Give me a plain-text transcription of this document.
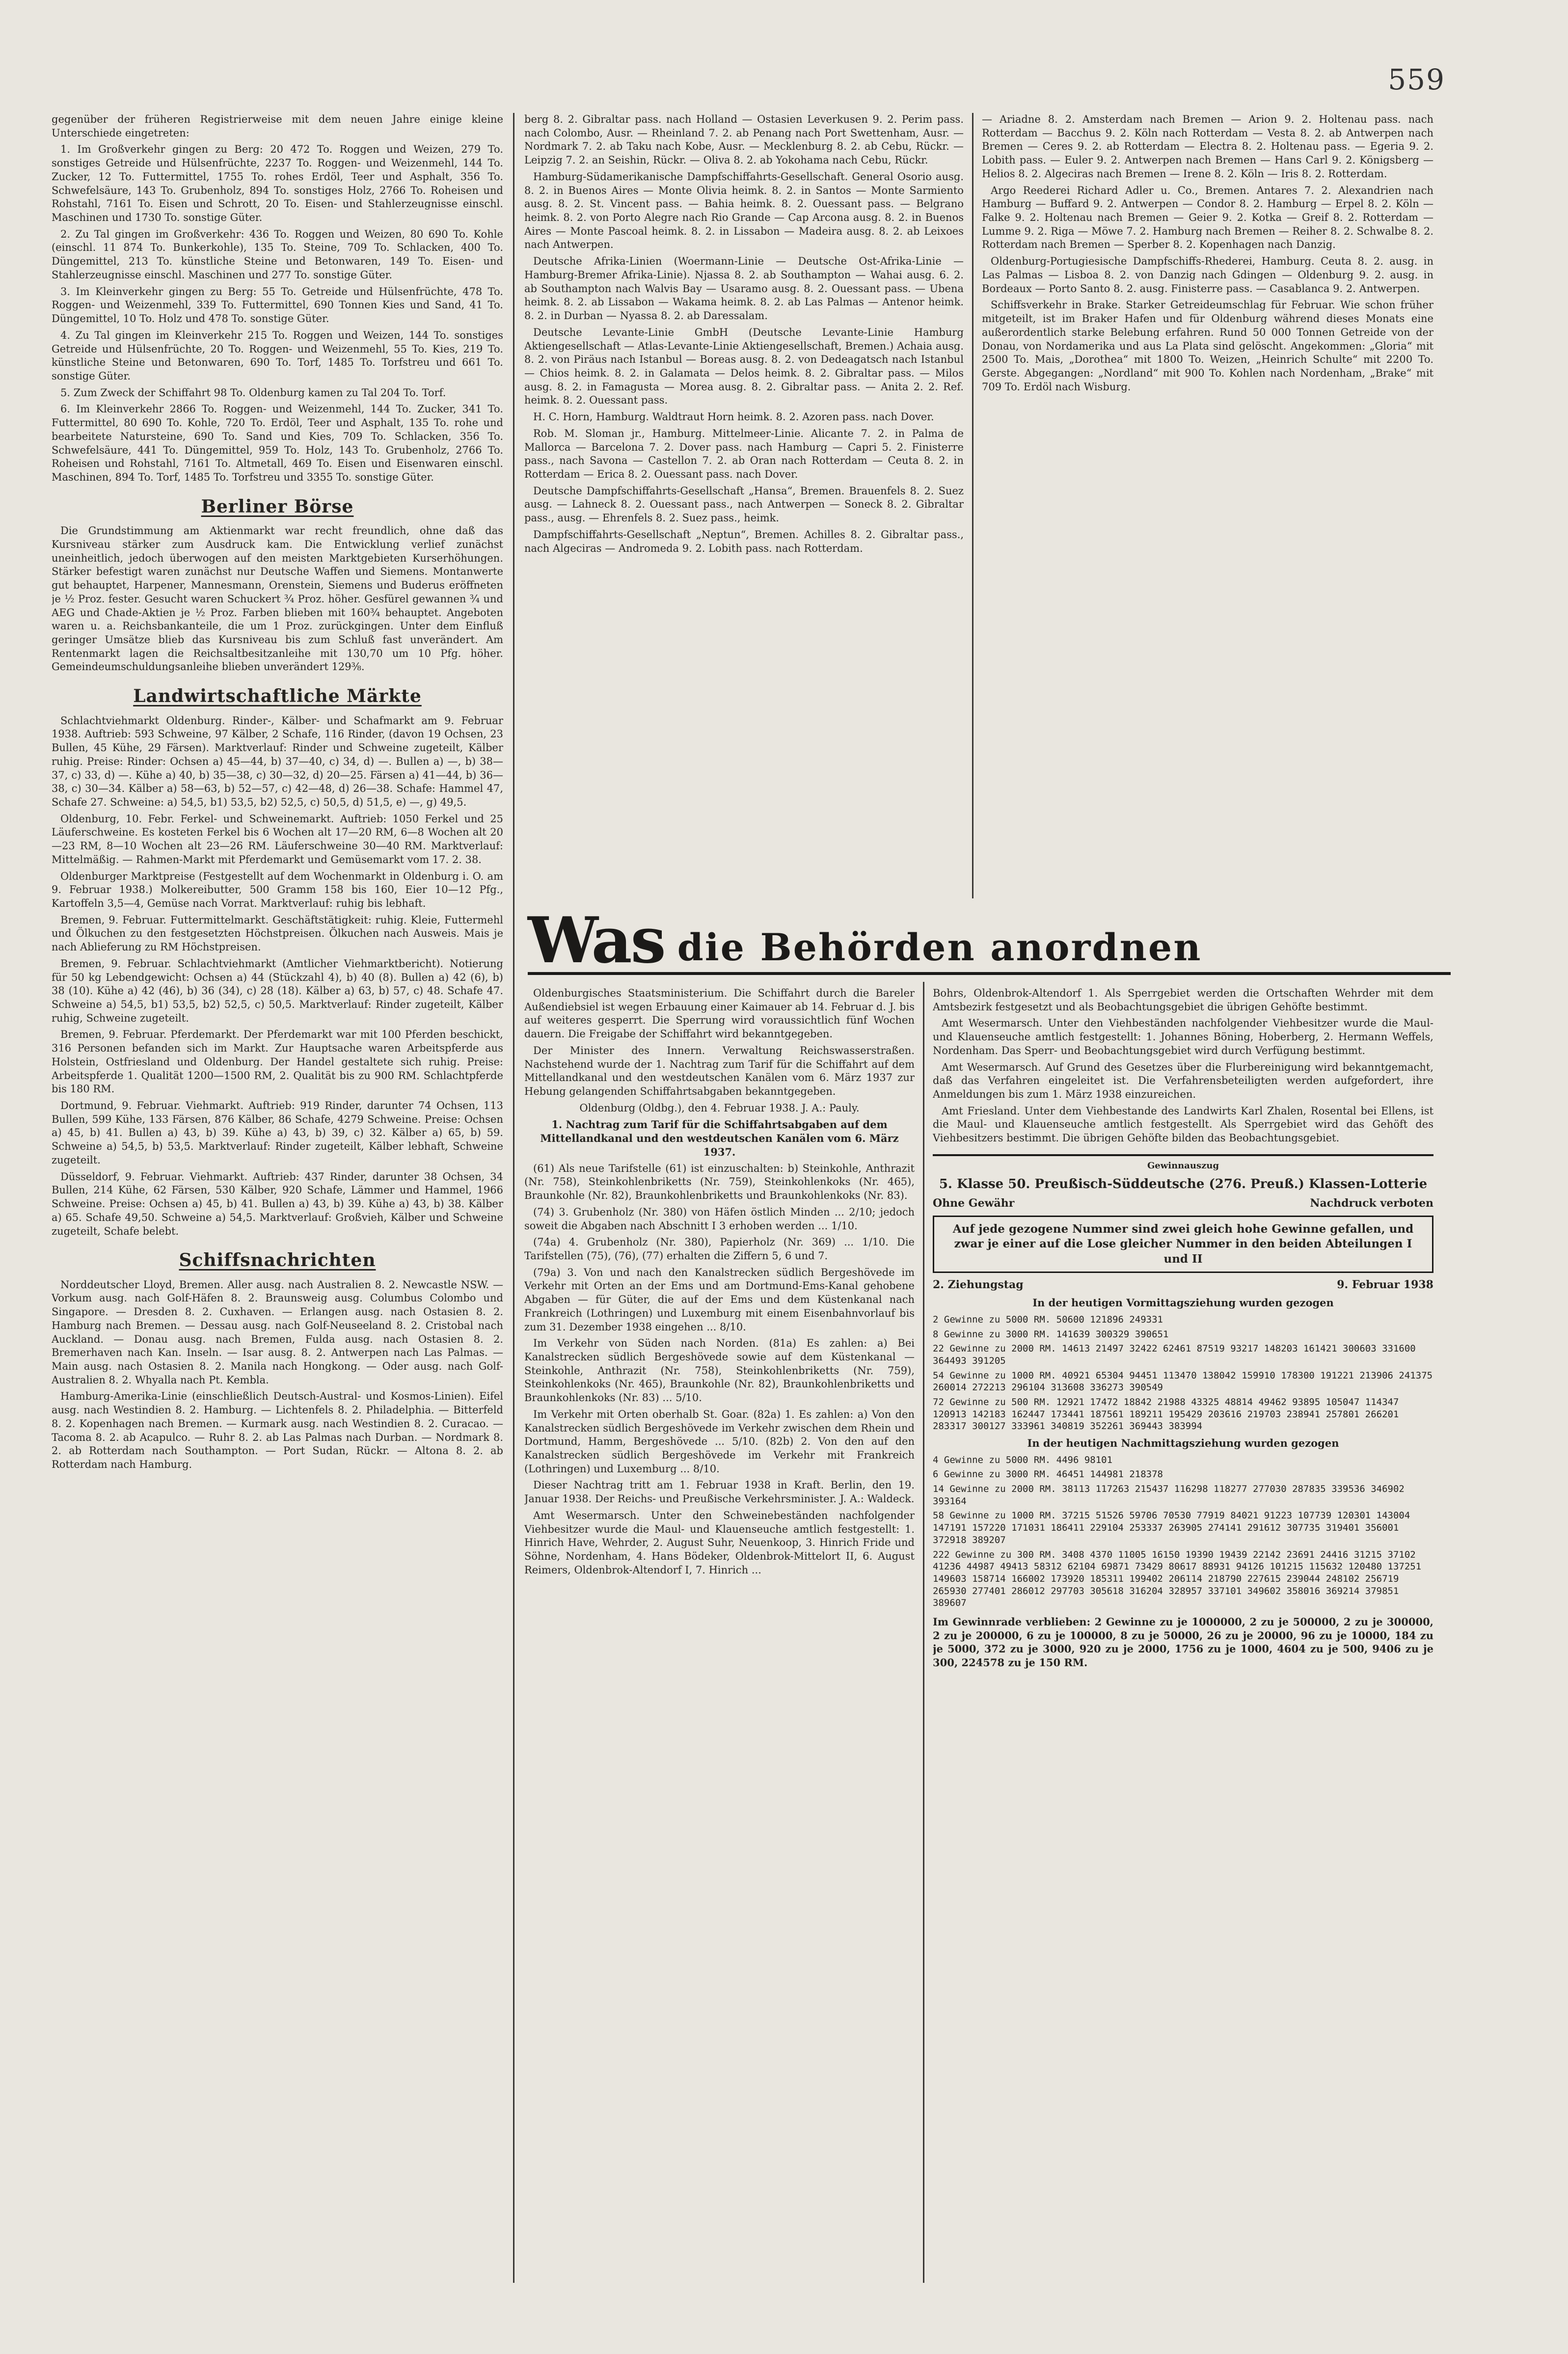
559

gegenüber der früheren Registrierweise mit dem neuen Jahre einige kleine Unterschiede eingetreten:

1. Im Großverkehr gingen zu Berg: 20 472 To. Roggen und Weizen, 279 To. sonstiges Getreide und Hülsenfrüchte, 2237 To. Roggen- und Weizenmehl, 144 To. Zucker, 12 To. Futtermittel, 1755 To. rohes Erdöl, Teer und Asphalt, 356 To. Schwefelsäure, 143 To. Grubenholz, 894 To. sonstiges Holz, 2766 To. Roheisen und Rohstahl, 7161 To. Eisen und Schrott, 20 To. Eisen- und Stahlerzeugnisse einschl. Maschinen und 1730 To. sonstige Güter.

2. Zu Tal gingen im Großverkehr: 436 To. Roggen und Weizen, 80 690 To. Kohle (einschl. 11 874 To. Bunkerkohle), 135 To. Steine, 709 To. Schlacken, 400 To. Düngemittel, 213 To. künstliche Steine und Betonwaren, 149 To. Eisen- und Stahlerzeugnisse einschl. Maschinen und 277 To. sonstige Güter.

3. Im Kleinverkehr gingen zu Berg: 55 To. Getreide und Hülsenfrüchte, 478 To. Roggen- und Weizenmehl, 339 To. Futtermittel, 690 Tonnen Kies und Sand, 41 To. Düngemittel, 10 To. Holz und 478 To. sonstige Güter.

4. Zu Tal gingen im Kleinverkehr 215 To. Roggen und Weizen, 144 To. sonstiges Getreide und Hülsenfrüchte, 20 To. Roggen- und Weizenmehl, 55 To. Kies, 219 To. künstliche Steine und Betonwaren, 690 To. Torf, 1485 To. Torfstreu und 661 To. sonstige Güter.

5. Zum Zweck der Schiffahrt 98 To. Oldenburg kamen zu Tal 204 To. Torf.

6. Im Kleinverkehr 2866 To. Roggen- und Weizenmehl, 144 To. Zucker, 341 To. Futtermittel, 80 690 To. Kohle, 720 To. Erdöl, Teer und Asphalt, 135 To. rohe und bearbeitete Natursteine, 690 To. Sand und Kies, 709 To. Schlacken, 356 To. Schwefelsäure, 441 To. Düngemittel, 959 To. Holz, 143 To. Grubenholz, 2766 To. Roheisen und Rohstahl, 7161 To. Altmetall, 469 To. Eisen und Eisenwaren einschl. Maschinen, 894 To. Torf, 1485 To. Torfstreu und 3355 To. sonstige Güter.

Berliner Börse

Die Grundstimmung am Aktienmarkt war recht freundlich, ohne daß das Kursniveau stärker zum Ausdruck kam. Die Entwicklung verlief zunächst uneinheitlich, jedoch überwogen auf den meisten Marktgebieten Kurserhöhungen. Stärker befestigt waren zunächst nur Deutsche Waffen und Siemens. Montanwerte gut behauptet, Harpener, Mannesmann, Orenstein, Siemens und Buderus eröffneten je ½ Proz. fester. Gesucht waren Schuckert ¾ Proz. höher. Gesfürel gewannen ¾ und AEG und Chade-Aktien je ½ Proz. Farben blieben mit 160¾ behauptet. Angeboten waren u. a. Reichsbankanteile, die um 1 Proz. zurückgingen. Unter dem Einfluß geringer Umsätze blieb das Kursniveau bis zum Schluß fast unverändert. Am Rentenmarkt lagen die Reichsaltbesitzanleihe mit 130,70 um 10 Pfg. höher. Gemeindeumschuldungsanleihe blieben unverändert 129⅜.

Landwirtschaftliche Märkte

Schlachtviehmarkt Oldenburg. Rinder-, Kälber- und Schafmarkt am 9. Februar 1938. Auftrieb: 593 Schweine, 97 Kälber, 2 Schafe, 116 Rinder, (davon 19 Ochsen, 23 Bullen, 45 Kühe, 29 Färsen). Marktverlauf: Rinder und Schweine zugeteilt, Kälber ruhig. Preise: Rinder: Ochsen a) 45—44, b) 37—40, c) 34, d) —. Bullen a) —, b) 38—37, c) 33, d) —. Kühe a) 40, b) 35—38, c) 30—32, d) 20—25. Färsen a) 41—44, b) 36—38, c) 30—34. Kälber a) 58—63, b) 52—57, c) 42—48, d) 26—38. Schafe: Hammel 47, Schafe 27. Schweine: a) 54,5, b1) 53,5, b2) 52,5, c) 50,5, d) 51,5, e) —, g) 49,5.

Oldenburg, 10. Febr. Ferkel- und Schweinemarkt. Auftrieb: 1050 Ferkel und 25 Läuferschweine. Es kosteten Ferkel bis 6 Wochen alt 17—20 RM, 6—8 Wochen alt 20—23 RM, 8—10 Wochen alt 23—26 RM. Läuferschweine 30—40 RM. Marktverlauf: Mittelmäßig. — Rahmen-Markt mit Pferdemarkt und Gemüsemarkt vom 17. 2. 38.

Oldenburger Marktpreise (Festgestellt auf dem Wochenmarkt in Oldenburg i. O. am 9. Februar 1938.) Molkereibutter, 500 Gramm 158 bis 160, Eier 10—12 Pfg., Kartoffeln 3,5—4, Gemüse nach Vorrat. Marktverlauf: ruhig bis lebhaft.

Bremen, 9. Februar. Futtermittelmarkt. Geschäftstätigkeit: ruhig. Kleie, Futtermehl und Ölkuchen zu den festgesetzten Höchstpreisen. Ölkuchen nach Ausweis. Mais je nach Ablieferung zu RM Höchstpreisen.

Bremen, 9. Februar. Schlachtviehmarkt (Amtlicher Viehmarktbericht). Notierung für 50 kg Lebendgewicht: Ochsen a) 44 (Stückzahl 4), b) 40 (8). Bullen a) 42 (6), b) 38 (10). Kühe a) 42 (46), b) 36 (34), c) 28 (18). Kälber a) 63, b) 57, c) 48. Schafe 47. Schweine a) 54,5, b1) 53,5, b2) 52,5, c) 50,5. Marktverlauf: Rinder zugeteilt, Kälber ruhig, Schweine zugeteilt.

Bremen, 9. Februar. Pferdemarkt. Der Pferdemarkt war mit 100 Pferden beschickt, 316 Personen befanden sich im Markt. Zur Hauptsache waren Arbeitspferde aus Holstein, Ostfriesland und Oldenburg. Der Handel gestaltete sich ruhig. Preise: Arbeitspferde 1. Qualität 1200—1500 RM, 2. Qualität bis zu 900 RM. Schlachtpferde bis 180 RM.

Dortmund, 9. Februar. Viehmarkt. Auftrieb: 919 Rinder, darunter 74 Ochsen, 113 Bullen, 599 Kühe, 133 Färsen, 876 Kälber, 86 Schafe, 4279 Schweine. Preise: Ochsen a) 45, b) 41. Bullen a) 43, b) 39. Kühe a) 43, b) 39, c) 32. Kälber a) 65, b) 59. Schweine a) 54,5, b) 53,5. Marktverlauf: Rinder zugeteilt, Kälber lebhaft, Schweine zugeteilt.

Düsseldorf, 9. Februar. Viehmarkt. Auftrieb: 437 Rinder, darunter 38 Ochsen, 34 Bullen, 214 Kühe, 62 Färsen, 530 Kälber, 920 Schafe, Lämmer und Hammel, 1966 Schweine. Preise: Ochsen a) 45, b) 41. Bullen a) 43, b) 39. Kühe a) 43, b) 38. Kälber a) 65. Schafe 49,50. Schweine a) 54,5. Marktverlauf: Großvieh, Kälber und Schweine zugeteilt, Schafe belebt.

Schiffsnachrichten

Norddeutscher Lloyd, Bremen. Aller ausg. nach Australien 8. 2. Newcastle NSW. — Vorkum ausg. nach Golf-Häfen 8. 2. Braunsweig ausg. Columbus Colombo und Singapore. — Dresden 8. 2. Cuxhaven. — Erlangen ausg. nach Ostasien 8. 2. Hamburg nach Bremen. — Dessau ausg. nach Golf-Neuseeland 8. 2. Cristobal nach Auckland. — Donau ausg. nach Bremen, Fulda ausg. nach Ostasien 8. 2. Bremerhaven nach Kan. Inseln. — Isar ausg. 8. 2. Antwerpen nach Las Palmas. — Main ausg. nach Ostasien 8. 2. Manila nach Hongkong. — Oder ausg. nach Golf-Australien 8. 2. Whyalla nach Pt. Kembla.

Hamburg-Amerika-Linie (einschließlich Deutsch-Austral- und Kosmos-Linien). Eifel ausg. nach Westindien 8. 2. Hamburg. — Lichtenfels 8. 2. Philadelphia. — Bitterfeld 8. 2. Kopenhagen nach Bremen. — Kurmark ausg. nach Westindien 8. 2. Curacao. — Tacoma 8. 2. ab Acapulco. — Ruhr 8. 2. ab Las Palmas nach Durban. — Nordmark 8. 2. ab Rotterdam nach Southampton. — Port Sudan, Rückr. — Altona 8. 2. ab Rotterdam nach Hamburg.

berg 8. 2. Gibraltar pass. nach Holland — Ostasien Leverkusen 9. 2. Perim pass. nach Colombo, Ausr. — Rheinland 7. 2. ab Penang nach Port Swettenham, Ausr. — Nordmark 7. 2. ab Taku nach Kobe, Ausr. — Mecklenburg 8. 2. ab Cebu, Rückr. — Leipzig 7. 2. an Seishin, Rückr. — Oliva 8. 2. ab Yokohama nach Cebu, Rückr.

Hamburg-Südamerikanische Dampfschiffahrts-Gesellschaft. General Osorio ausg. 8. 2. in Buenos Aires — Monte Olivia heimk. 8. 2. in Santos — Monte Sarmiento ausg. 8. 2. St. Vincent pass. — Bahia heimk. 8. 2. Ouessant pass. — Belgrano heimk. 8. 2. von Porto Alegre nach Rio Grande — Cap Arcona ausg. 8. 2. in Buenos Aires — Monte Pascoal heimk. 8. 2. in Lissabon — Madeira ausg. 8. 2. ab Leixoes nach Antwerpen.

Deutsche Afrika-Linien (Woermann-Linie — Deutsche Ost-Afrika-Linie — Hamburg-Bremer Afrika-Linie). Njassa 8. 2. ab Southampton — Wahai ausg. 6. 2. ab Southampton nach Walvis Bay — Usaramo ausg. 8. 2. Ouessant pass. — Ubena heimk. 8. 2. ab Lissabon — Wakama heimk. 8. 2. ab Las Palmas — Antenor heimk. 8. 2. in Durban — Nyassa 8. 2. ab Daressalam.

Deutsche Levante-Linie GmbH (Deutsche Levante-Linie Hamburg Aktiengesellschaft — Atlas-Levante-Linie Aktiengesellschaft, Bremen.) Achaia ausg. 8. 2. von Piräus nach Istanbul — Boreas ausg. 8. 2. von Dedeagatsch nach Istanbul — Chios heimk. 8. 2. in Galamata — Delos heimk. 8. 2. Gibraltar pass. — Milos ausg. 8. 2. in Famagusta — Morea ausg. 8. 2. Gibraltar pass. — Anita 2. 2. Ref. heimk. 8. 2. Ouessant pass.

H. C. Horn, Hamburg. Waldtraut Horn heimk. 8. 2. Azoren pass. nach Dover.

Rob. M. Sloman jr., Hamburg. Mittelmeer-Linie. Alicante 7. 2. in Palma de Mallorca — Barcelona 7. 2. Dover pass. nach Hamburg — Capri 5. 2. Finisterre pass., nach Savona — Castellon 7. 2. ab Oran nach Rotterdam — Ceuta 8. 2. in Rotterdam — Erica 8. 2. Ouessant pass. nach Dover.

Deutsche Dampfschiffahrts-Gesellschaft „Hansa“, Bremen. Brauenfels 8. 2. Suez ausg. — Lahneck 8. 2. Ouessant pass., nach Antwerpen — Soneck 8. 2. Gibraltar pass., ausg. — Ehrenfels 8. 2. Suez pass., heimk.

Dampfschiffahrts-Gesellschaft „Neptun“, Bremen. Achilles 8. 2. Gibraltar pass., nach Algeciras — Andromeda 9. 2. Lobith pass. nach Rotterdam.

— Ariadne 8. 2. Amsterdam nach Bremen — Arion 9. 2. Holtenau pass. nach Rotterdam — Bacchus 9. 2. Köln nach Rotterdam — Vesta 8. 2. ab Antwerpen nach Bremen — Ceres 9. 2. ab Rotterdam — Electra 8. 2. Holtenau pass. — Egeria 9. 2. Lobith pass. — Euler 9. 2. Antwerpen nach Bremen — Hans Carl 9. 2. Königsberg — Helios 8. 2. Algeciras nach Bremen — Irene 8. 2. Köln — Iris 8. 2. Rotterdam.

Argo Reederei Richard Adler u. Co., Bremen. Antares 7. 2. Alexandrien nach Hamburg — Buffard 9. 2. Antwerpen — Condor 8. 2. Hamburg — Erpel 8. 2. Köln — Falke 9. 2. Holtenau nach Bremen — Geier 9. 2. Kotka — Greif 8. 2. Rotterdam — Lumme 9. 2. Riga — Möwe 7. 2. Hamburg nach Bremen — Reiher 8. 2. Schwalbe 8. 2. Rotterdam nach Bremen — Sperber 8. 2. Kopenhagen nach Danzig.

Oldenburg-Portugiesische Dampfschiffs-Rhederei, Hamburg. Ceuta 8. 2. ausg. in Las Palmas — Lisboa 8. 2. von Danzig nach Gdingen — Oldenburg 9. 2. ausg. in Bordeaux — Porto Santo 8. 2. ausg. Finisterre pass. — Casablanca 9. 2. Antwerpen.

Schiffsverkehr in Brake. Starker Getreideumschlag für Februar. Wie schon früher mitgeteilt, ist im Braker Hafen und für Oldenburg während dieses Monats eine außerordentlich starke Belebung erfahren. Rund 50 000 Tonnen Getreide von der Donau, von Nordamerika und aus La Plata sind gelöscht. Angekommen: „Gloria“ mit 2500 To. Mais, „Dorothea“ mit 1800 To. Weizen, „Heinrich Schulte“ mit 2200 To. Gerste. Abgegangen: „Nordland“ mit 900 To. Kohlen nach Nordenham, „Brake“ mit 709 To. Erdöl nach Wisburg.

Was die Behörden anordnen

Oldenburgisches Staatsministerium. Die Schiffahrt durch die Bareler Außendiebsiel ist wegen Erbauung einer Kaimauer ab 14. Februar d. J. bis auf weiteres gesperrt. Die Sperrung wird voraussichtlich fünf Wochen dauern. Die Freigabe der Schiffahrt wird bekanntgegeben.

Der Minister des Innern. Verwaltung Reichswasserstraßen. Nachstehend wurde der 1. Nachtrag zum Tarif für die Schiffahrt auf dem Mittellandkanal und den westdeutschen Kanälen vom 6. März 1937 zur Hebung gelangenden Schiffahrtsabgaben bekanntgegeben.

Oldenburg (Oldbg.), den 4. Februar 1938. J. A.: Pauly.

1. Nachtrag zum Tarif für die Schiffahrtsabgaben auf dem Mittellandkanal und den westdeutschen Kanälen vom 6. März 1937.

(61) Als neue Tarifstelle (61) ist einzuschalten: b) Steinkohle, Anthrazit (Nr. 758), Steinkohlenbriketts (Nr. 759), Steinkohlenkoks (Nr. 465), Braunkohle (Nr. 82), Braunkohlenbriketts und Braunkohlenkoks (Nr. 83).

(74) 3. Grubenholz (Nr. 380) von Häfen östlich Minden ... 2/10; jedoch soweit die Abgaben nach Abschnitt I 3 erhoben werden ... 1/10.

(74a) 4. Grubenholz (Nr. 380), Papierholz (Nr. 369) ... 1/10. Die Tarifstellen (75), (76), (77) erhalten die Ziffern 5, 6 und 7.

(79a) 3. Von und nach den Kanalstrecken südlich Bergeshövede im Verkehr mit Orten an der Ems und am Dortmund-Ems-Kanal gehobene Abgaben — für Güter, die auf der Ems und dem Küstenkanal nach Frankreich (Lothringen) und Luxemburg mit einem Eisenbahnvorlauf bis zum 31. Dezember 1938 eingehen ... 8/10.

Im Verkehr von Süden nach Norden. (81a) Es zahlen: a) Bei Kanalstrecken südlich Bergeshövede sowie auf dem Küstenkanal — Steinkohle, Anthrazit (Nr. 758), Steinkohlenbriketts (Nr. 759), Steinkohlenkoks (Nr. 465), Braunkohle (Nr. 82), Braunkohlenbriketts und Braunkohlenkoks (Nr. 83) ... 5/10.

Im Verkehr mit Orten oberhalb St. Goar. (82a) 1. Es zahlen: a) Von den Kanalstrecken südlich Bergeshövede im Verkehr zwischen dem Rhein und Dortmund, Hamm, Bergeshövede ... 5/10. (82b) 2. Von den auf den Kanalstrecken südlich Bergeshövede im Verkehr mit Frankreich (Lothringen) und Luxemburg ... 8/10.

Dieser Nachtrag tritt am 1. Februar 1938 in Kraft. Berlin, den 19. Januar 1938. Der Reichs- und Preußische Verkehrsminister. J. A.: Waldeck.

Amt Wesermarsch. Unter den Schweinebeständen nachfolgender Viehbesitzer wurde die Maul- und Klauenseuche amtlich festgestellt: 1. Hinrich Have, Wehrder, 2. August Suhr, Neuenkoop, 3. Hinrich Fride und Söhne, Nordenham, 4. Hans Bödeker, Oldenbrok-Mittelort II, 6. August Reimers, Oldenbrok-Altendorf I, 7. Hinrich ...

Bohrs, Oldenbrok-Altendorf 1. Als Sperrgebiet werden die Ortschaften Wehrder mit dem Amtsbezirk festgesetzt und als Beobachtungsgebiet die übrigen Gehöfte bestimmt.

Amt Wesermarsch. Unter den Viehbeständen nachfolgender Viehbesitzer wurde die Maul- und Klauenseuche amtlich festgestellt: 1. Johannes Böning, Hoberberg, 2. Hermann Weffels, Nordenham. Das Sperr- und Beobachtungsgebiet wird durch Verfügung bestimmt.

Amt Wesermarsch. Auf Grund des Gesetzes über die Flurbereinigung wird bekanntgemacht, daß das Verfahren eingeleitet ist. Die Verfahrensbeteiligten werden aufgefordert, ihre Anmeldungen bis zum 1. März 1938 einzureichen.

Amt Friesland. Unter dem Viehbestande des Landwirts Karl Zhalen, Rosental bei Ellens, ist die Maul- und Klauenseuche amtlich festgestellt. Als Sperrgebiet wird das Gehöft des Viehbesitzers bestimmt. Die übrigen Gehöfte bilden das Beobachtungsgebiet.

Gewinnauszug
5. Klasse 50. Preußisch-Süddeutsche (276. Preuß.) Klassen-Lotterie
Ohne Gewähr	Nachdruck verboten
Auf jede gezogene Nummer sind zwei gleich hohe Gewinne gefallen, und zwar je einer auf die Lose gleicher Nummer in den beiden Abteilungen I und II
2. Ziehungstag	9. Februar 1938
In der heutigen Vormittagsziehung wurden gezogen

2 Gewinne zu 5000 RM. 50600 121896 249331

8 Gewinne zu 3000 RM. 141639 300329 390651

22 Gewinne zu 2000 RM. 14613 21497 32422 62461 87519 93217 148203 161421 300603 331600 364493 391205

54 Gewinne zu 1000 RM. 40921 65304 94451 113470 138042 159910 178300 191221 213906 241375 260014 272213 296104 313608 336273 390549

72 Gewinne zu 500 RM. 12921 17472 18842 21988 43325 48814 49462 93895 105047 114347 120913 142183 162447 173441 187561 189211 195429 203616 219703 238941 257801 266201 283317 300127 333961 340819 352261 369443 383994

In der heutigen Nachmittagsziehung wurden gezogen

4 Gewinne zu 5000 RM. 4496 98101

6 Gewinne zu 3000 RM. 46451 144981 218378

14 Gewinne zu 2000 RM. 38113 117263 215437 116298 118277 277030 287835 339536 346902 393164

58 Gewinne zu 1000 RM. 37215 51526 59706 70530 77919 84021 91223 107739 120301 143004 147191 157220 171031 186411 229104 253337 263905 274141 291612 307735 319401 356001 372918 389207

222 Gewinne zu 300 RM. 3408 4370 11005 16150 19390 19439 22142 23691 24416 31215 37102 41236 44987 49413 58312 62104 69871 73429 80617 88931 94126 101215 115632 120480 137251 149603 158714 166002 173920 185311 199402 206114 218790 227615 239044 248102 256719 265930 277401 286012 297703 305618 316204 328957 337101 349602 358016 369214 379851 389607

Im Gewinnrade verblieben: 2 Gewinne zu je 1000000, 2 zu je 500000, 2 zu je 300000, 2 zu je 200000, 6 zu je 100000, 8 zu je 50000, 26 zu je 20000, 96 zu je 10000, 184 zu je 5000, 372 zu je 3000, 920 zu je 2000, 1756 zu je 1000, 4604 zu je 500, 9406 zu je 300, 224578 zu je 150 RM.
